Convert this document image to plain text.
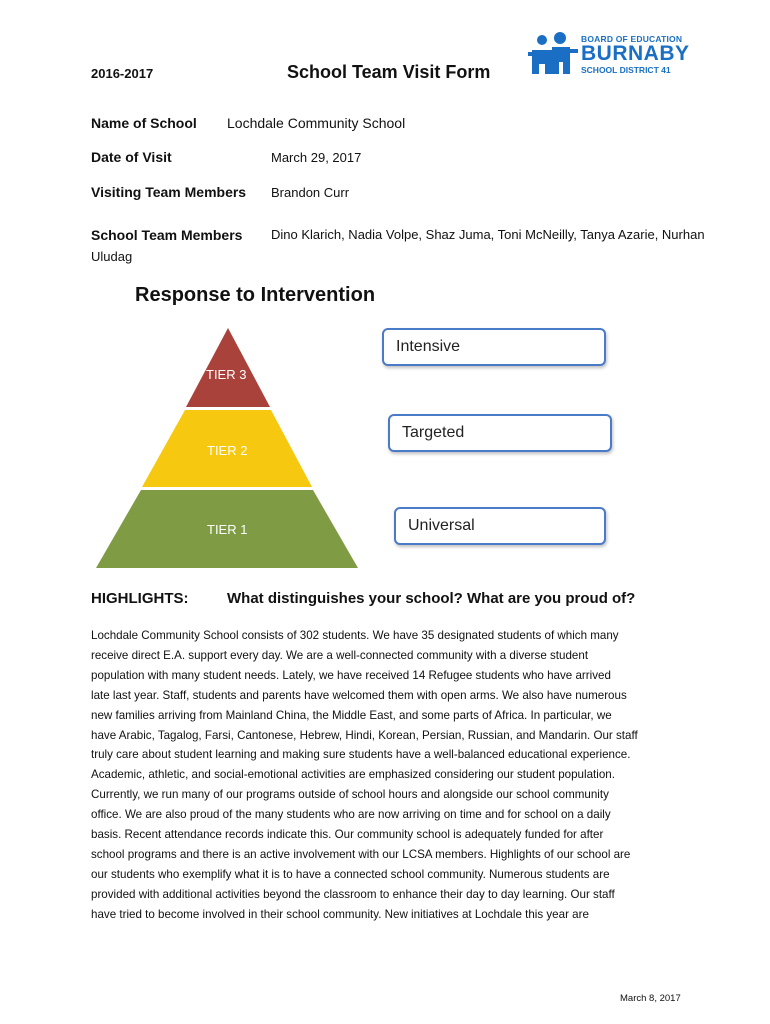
BOARD OF EDUCATION
BURNABY
SCHOOL DISTRICT 41
2016-2017	School Team Visit Form
Name of School Lochdale Community School
Date of Visit	March 29, 2017
Visiting Team Members Brandon Curr
School Team Members Dino Klarich, Nadia Volpe, Shaz Juma, Toni McNeilly, Tanya Azarie, Nurhan
Uludag
Response to Intervention
TIER 3
TIER 2
TIER 1
Intensive
Targeted
Universal
HIGHLIGHTS:	What distinguishes your school? What are you proud of?
Lochdale Community School consists of 302 students. We have 35 designated students of which many
receive direct E.A. support every day. We are a well-connected community with a diverse student
population with many student needs. Lately, we have received 14 Refugee students who have arrived
late last year. Staff, students and parents have welcomed them with open arms. We also have numerous
new families arriving from Mainland China, the Middle East, and some parts of Africa. In particular, we
have Arabic, Tagalog, Farsi, Cantonese, Hebrew, Hindi, Korean, Persian, Russian, and Mandarin. Our staff
truly care about student learning and making sure students have a well-balanced educational experience.
Academic, athletic, and social-emotional activities are emphasized considering our student population.
Currently, we run many of our programs outside of school hours and alongside our school community
office. We are also proud of the many students who are now arriving on time and for school on a daily
basis. Recent attendance records indicate this. Our community school is adequately funded for after
school programs and there is an active involvement with our LCSA members. Highlights of our school are
our students who exemplify what it is to have a connected school community. Numerous students are
provided with additional activities beyond the classroom to enhance their day to day learning. Our staff
have tried to become involved in their school community. New initiatives at Lochdale this year are
March 8, 2017
